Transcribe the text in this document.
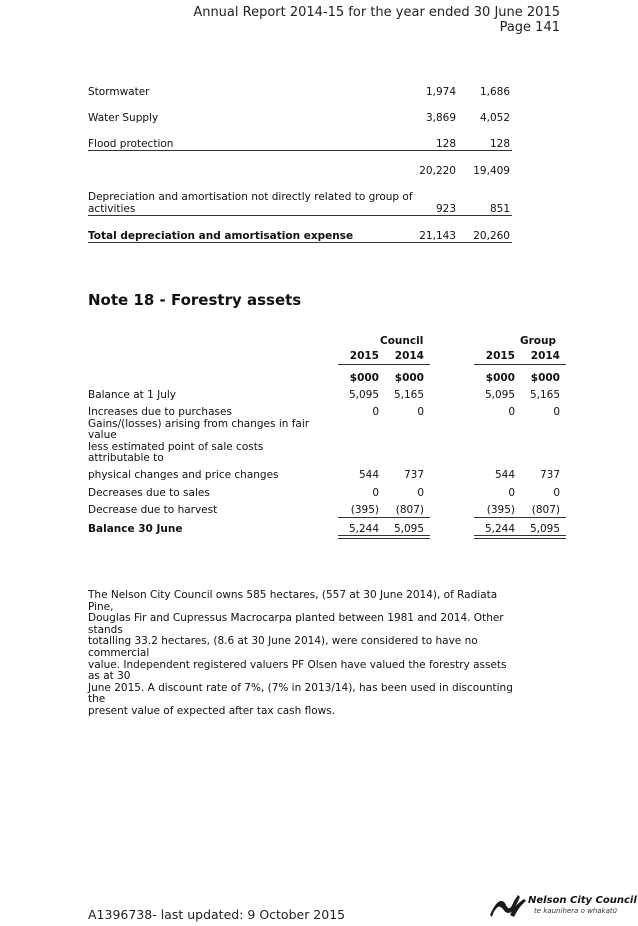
Annual Report 2014-15 for the year ended 30 June 2015
Page 141
Stormwater	1,974 1,686
Water Supply	3,869 4,052
Flood protection	128	128
20,220 19,409
Depreciation and amortisation not directly related to group of
activities	923	851
Total depreciation and amortisation expense	21,143 20,260
Note 18 - Forestry assets
Council	Group
2015 2014	2015 2014
$000 $000	$000 $000
Balance at 1 July	5,095 5,165	5,095 5,165
Increases due to purchases	0	0	0	0
Gains/(losses) arising from changes in fair
value
less estimated point of sale costs
attributable to
physical changes and price changes	544 737	544 737
Decreases due to sales	0	0	0	0
Decrease due to harvest	(395) (807)	(395) (807)
Balance 30 June	5,244 5,095	5,244 5,095
The Nelson City Council owns 585 hectares, (557 at 30 June 2014), of Radiata Pine,
Douglas Fir and Cupressus Macrocarpa planted between 1981 and 2014. Other stands
totalling 33.2 hectares, (8.6 at 30 June 2014), were considered to have no commercial
value. Independent registered valuers PF Olsen have valued the forestry assets as at 30
June 2015. A discount rate of 7%, (7% in 2013/14), has been used in discounting the
present value of expected after tax cash flows.
A1396738- last updated: 9 October 2015
Nelson City Council
te kaunihera o whakatū
